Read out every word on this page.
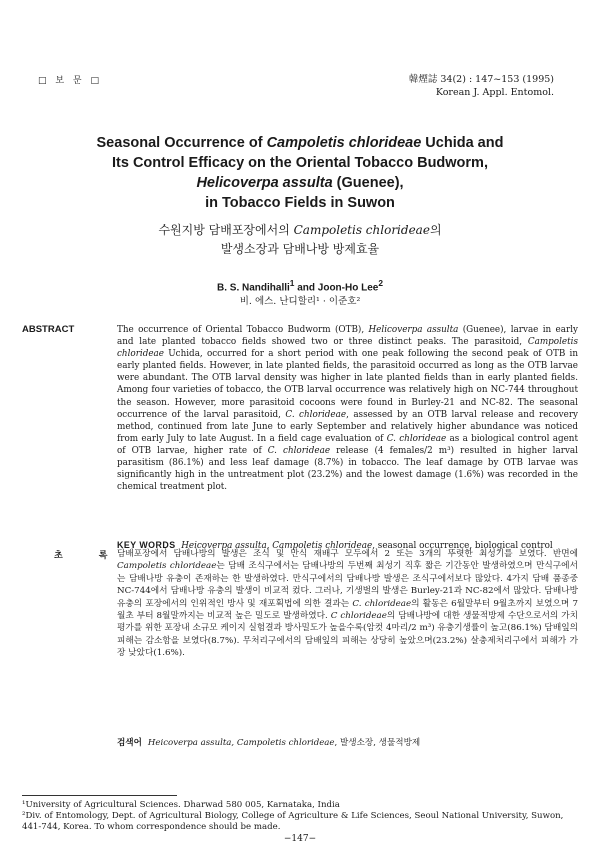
□ 보 문 □	韓煙誌 34(2) : 147~153 (1995)
Korean J. Appl. Entomol.
Seasonal Occurrence of Campoletis chlorideae Uchida and
Its Control Efficacy on the Oriental Tobacco Budworm,
Helicoverpa assulta (Guenee),
in Tobacco Fields in Suwon
수원지방 담배포장에서의 Campoletis chlorideae의
발생소장과 담배나방 방제효율
B. S. Nandihalli$^1$ and Joon-Ho Lee$^2$
비. 에스. 난디할리¹ · 이준호²
ABSTRACT	The occurrence of Oriental Tobacco Budworm (OTB), Helicoverpa assulta (Guenee), larvae in early and late planted tobacco fields showed two or three distinct peaks. The parasitoid, Campoletis chlorideae Uchida, occurred for a short period with one peak following the second peak of OTB in early planted fields. However, in late planted fields, the parasitoid occurred as long as the OTB larvae were abundant. The OTB larval density was higher in late planted fields than in early planted fields. Among four varieties of tobacco, the OTB larval occurrence was relatively high on NC-744 throughout the season. However, more parasitoid cocoons were found in Burley-21 and NC-82. The seasonal occurrence of the larval parasitoid, C. chlorideae, assessed by an OTB larval release and recovery method, continued from late June to early September and relatively higher abundance was noticed from early July to late August. In a field cage evaluation of C. chlorideae as a biological control agent of OTB larvae, higher rate of C. chlorideae release (4 females/2 m³) resulted in higher larval parasitism (86.1%) and less leaf damage (8.7%) in tobacco. The leaf damage by OTB larvae was significantly high in the untreatment plot (23.2%) and the lowest damage (1.6%) was recorded in the chemical treatment plot.
KEY WORDS Heicoverpa assulta, Campoletis chlorideae, seasonal occurrence, biological control
초록
담배포장에서 담배나방의 발생은 조식 및 만식 재배구 모두에서 2 또는 3개의 뚜렷한 최성기를 보였다. 반면에 Campoletis chlorideae는 담배 조식구에서는 담배나방의 두번째 최성기 직후 짧은 기간동안 발생하였으며 만식구에서는 담배나방 유충이 존재하는 한 발생하였다. 만식구에서의 담배나방 발생은 조식구에서보다 많았다. 4가지 담배 품종중 NC-744에서 담배나방 유충의 발생이 비교적 컸다. 그러나, 기생벌의 발생은 Burley-21과 NC-82에서 많았다. 담배나방 유충의 포장에서의 인위적인 방사 및 재포획법에 의한 결과는 C. chlorideae의 활동은 6월말부터 9월초까지 보였으며 7월초 부터 8월말까지는 비교적 높은 밀도로 발생하였다. C chlorideae의 담배나방에 대한 생물적방제 수단으로서의 가치평가를 위한 포장내 소규모 케이지 실험결과 방사밀도가 높을수록(암컷 4마리/2 m³) 유충기생률이 높고(86.1%) 담배잎의 피해는 감소함을 보였다(8.7%). 무처리구에서의 담배잎의 피해는 상당히 높았으며(23.2%) 살충제처리구에서 피해가 가장 낮았다(1.6%).
검색어 Heicoverpa assulta, Campoletis chlorideae, 발생소장, 생물적방제
¹University of Agricultural Sciences. Dharwad 580 005, Karnataka, India
²Div. of Entomology, Dept. of Agricultural Biology, College of Agriculture & Life Sciences, Seoul National University, Suwon, 441-744, Korea. To whom correspondence should be made.
−147−
